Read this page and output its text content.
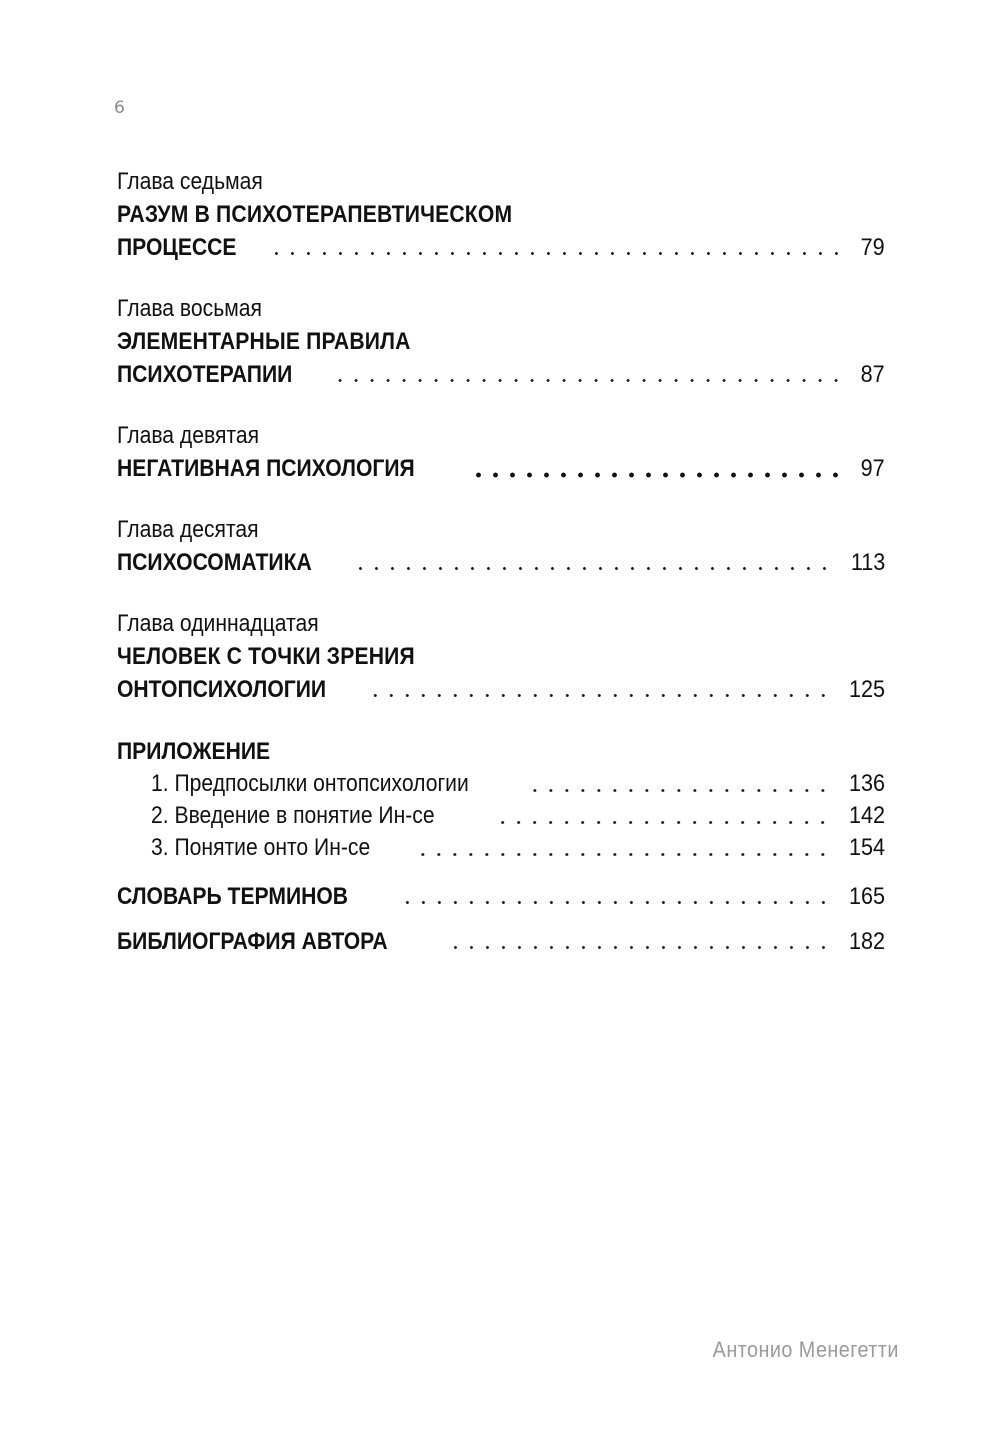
6
Глава седьмая
РАЗУМ В ПСИХОТЕРАПЕВТИЧЕСКОМ
ПРОЦЕССЕ	79
Глава восьмая
ЭЛЕМЕНТАРНЫЕ ПРАВИЛА
ПСИХОТЕРАПИИ	87
Глава девятая
НЕГАТИВНАЯ ПСИХОЛОГИЯ	97
Глава десятая
ПСИХОСОМАТИКА	113
Глава одиннадцатая
ЧЕЛОВЕК С ТОЧКИ ЗРЕНИЯ
ОНТОПСИХОЛОГИИ	125
ПРИЛОЖЕНИЕ
1. Предпосылки онтопсихологии	136
2. Введение в понятие Ин-се	142
3. Понятие онто Ин-се	154
СЛОВАРЬ ТЕРМИНОВ	165
БИБЛИОГРАФИЯ АВТОРА	182
Антонио Менегетти
